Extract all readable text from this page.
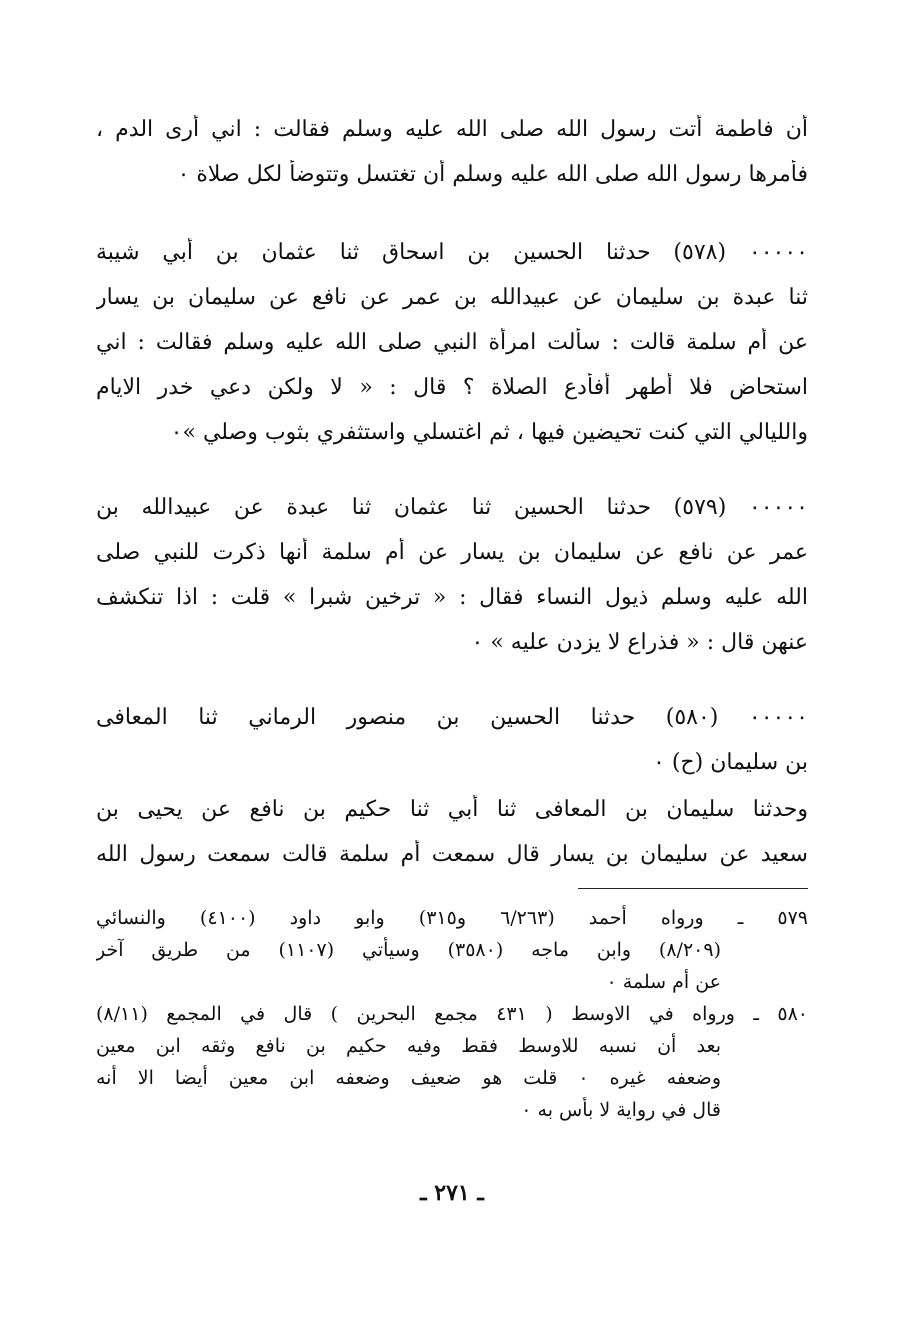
أن فاطمة أتت رسول الله صلى الله عليه وسلم فقالت : اني أرى الدم ،
فأمرها رسول الله صلى الله عليه وسلم أن تغتسل وتتوضأ لكل صلاة ٠
٠٠٠٠٠ (٥٧٨) حدثنا الحسين بن اسحاق ثنا عثمان بن أبي شيبة
ثنا عبدة بن سليمان عن عبيدالله بن عمر عن نافع عن سليمان بن يسار
عن أم سلمة قالت : سألت امرأة النبي صلى الله عليه وسلم فقالت : اني
استحاض فلا أطهر أفأدع الصلاة ؟ قال : « لا ولكن دعي خدر الايام
والليالي التي كنت تحيضين فيها ، ثم اغتسلي واستثفري بثوب وصلي »٠
٠٠٠٠٠ (٥٧٩) حدثنا الحسين ثنا عثمان ثنا عبدة عن عبيدالله بن
عمر عن نافع عن سليمان بن يسار عن أم سلمة أنها ذكرت للنبي صلى
الله عليه وسلم ذيول النساء فقال : « ترخين شبرا » قلت : اذا تنكشف
عنهن قال : « فذراع لا يزدن عليه » ٠
٠٠٠٠٠ (٥٨٠) حدثنا الحسين بن منصور الرماني ثنا المعافى
بن سليمان (ح) ٠
وحدثنا سليمان بن المعافى ثنا أبي ثنا حكيم بن نافع عن يحيى بن
سعيد عن سليمان بن يسار قال سمعت أم سلمة قالت سمعت رسول الله
٥٧٩ ـ ورواه أحمد (٦/٢٦٣ و٣١٥) وابو داود (٤١٠٠) والنسائي
(٨/٢٠٩) وابن ماجه (٣٥٨٠) وسيأتي (١١٠٧) من طريق آخر
عن أم سلمة ٠
٥٨٠ ـ ورواه في الاوسط ( ٤٣١ مجمع البحرين ) قال في المجمع (٨/١١)
بعد أن نسبه للاوسط فقط وفيه حكيم بن نافع وثقه ابن معين
وضعفه غيره ٠ قلت هو ضعيف وضعفه ابن معين أيضا الا أنه
قال في رواية لا بأس به ٠
ـ ٢٧١ ـ
